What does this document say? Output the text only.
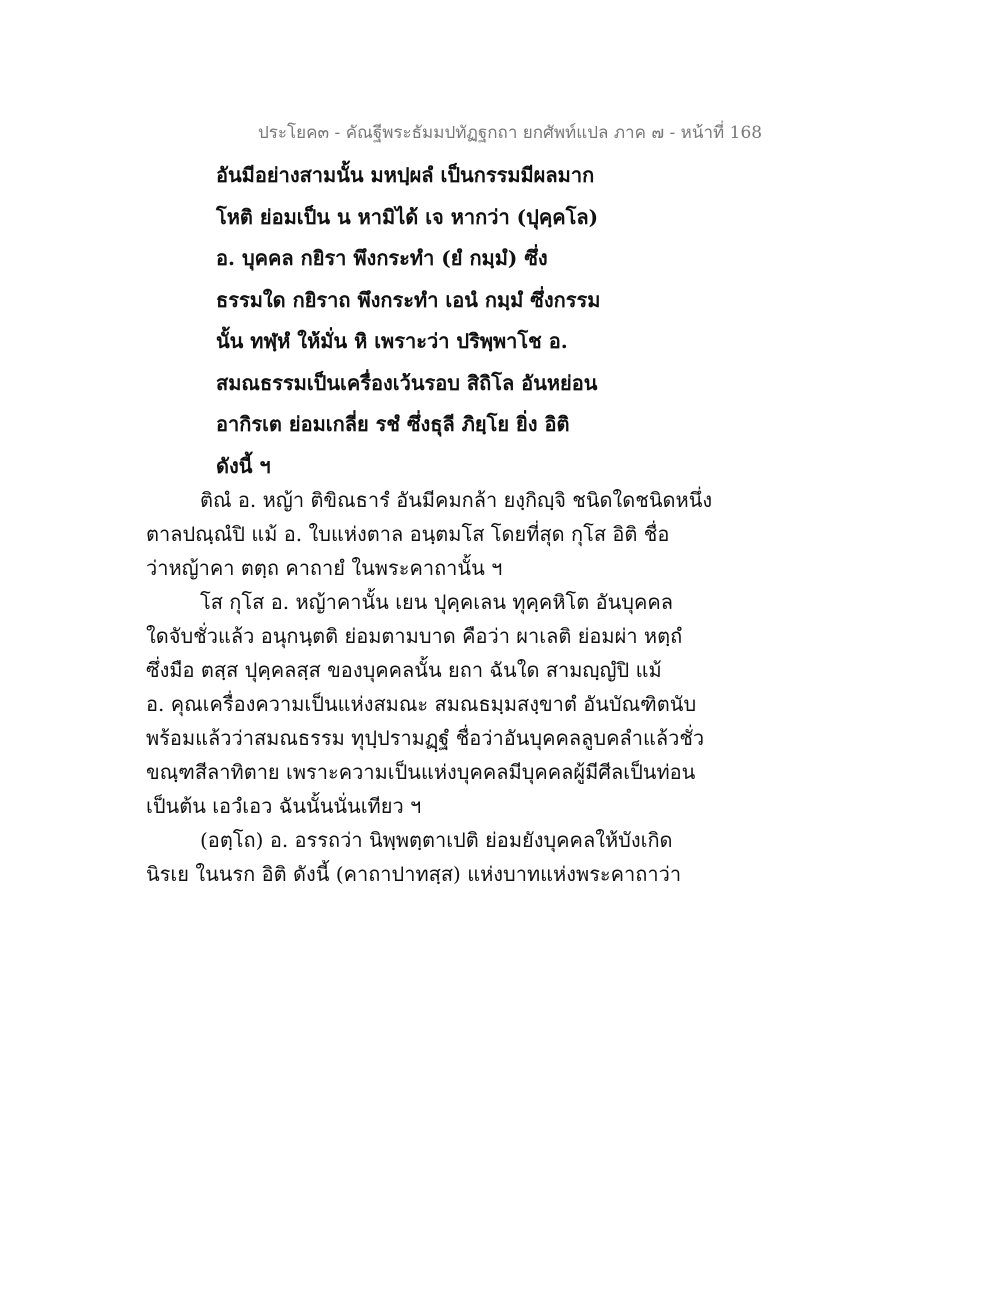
ประโยค๓ - คัณฐีพระธัมมปทัฏฐกถา ยกศัพท์แปล ภาค ๗ - หน้าที่ 168
อันมีอย่างสามนั้น มหปฺผลํ เป็นกรรมมีผลมาก
โหติ ย่อมเป็น น หามิได้ เจ หากว่า (ปุคฺคโล)
อ. บุคคล กยิรา พึงกระทำ (ยํ กมฺมํ) ซึ่ง
ธรรมใด กยิราถ พึงกระทำ เอนํ กมฺมํ ซึ่งกรรม
นั้น ทฬฺหํ ให้มั่น หิ เพราะว่า ปริพฺพาโช อ.
สมณธรรมเป็นเครื่องเว้นรอบ สิถิโล อันหย่อน
อากิรเต ย่อมเกลี่ย รชํ ซึ่งธุลี ภิยฺโย ยิ่ง อิติ
ดังนี้ ฯ
ติณํ อ. หญ้า ติขิณธารํ อันมีคมกล้า ยงฺกิญฺจิ ชนิดใดชนิดหนึ่ง
ตาลปณฺณํปิ แม้ อ. ใบแห่งตาล อนฺตมโส โดยที่สุด กุโส อิติ ชื่อ
ว่าหญ้าคา ตตฺถ คาถายํ ในพระคาถานั้น ฯ
โส กุโส อ. หญ้าคานั้น เยน ปุคฺคเลน ทุคฺคหิโต อันบุคคล
ใดจับชั่วแล้ว อนุกนฺตติ ย่อมตามบาด คือว่า ผาเลติ ย่อมผ่า หตฺถํ
ซึ่งมือ ตสฺส ปุคฺคลสฺส ของบุคคลนั้น ยถา ฉันใด สามญฺญํปิ แม้
อ. คุณเครื่องความเป็นแห่งสมณะ สมณธมฺมสงฺขาตํ อันบัณฑิตนับ
พร้อมแล้วว่าสมณธรรม ทุปฺปรามฏฺฐํ ชื่อว่าอันบุคคลลูบคลำแล้วชั่ว
ขณฺฑสีลาทิตาย เพราะความเป็นแห่งบุคคลมีบุคคลผู้มีศีลเป็นท่อน
เป็นต้น เอวํเอว ฉันนั้นนั่นเทียว ฯ
(อตฺโถ) อ. อรรถว่า นิพฺพตฺตาเปติ ย่อมยังบุคคลให้บังเกิด
นิรเย ในนรก อิติ ดังนี้ (คาถาปาทสฺส) แห่งบาทแห่งพระคาถาว่า
